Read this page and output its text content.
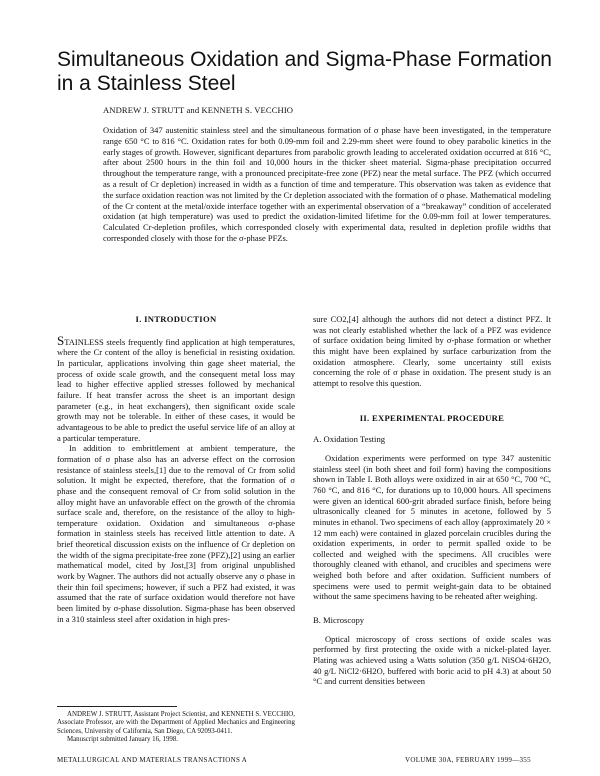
Simultaneous Oxidation and Sigma-Phase Formation in a Stainless Steel
ANDREW J. STRUTT and KENNETH S. VECCHIO

Oxidation of 347 austenitic stainless steel and the simultaneous formation of σ phase have been investigated, in the temperature range 650 °C to 816 °C. Oxidation rates for both 0.09-mm foil and 2.29-mm sheet were found to obey parabolic kinetics in the early stages of growth. However, significant departures from parabolic growth leading to accelerated oxidation occurred at 816 °C, after about 2500 hours in the thin foil and 10,000 hours in the thicker sheet material. Sigma-phase precipitation occurred throughout the temperature range, with a pronounced precipitate-free zone (PFZ) near the metal surface. The PFZ (which occurred as a result of Cr depletion) increased in width as a function of time and temperature. This observation was taken as evidence that the surface oxidation reaction was not limited by the Cr depletion associated with the formation of σ phase. Mathematical modeling of the Cr content at the metal/oxide interface together with an experimental observation of a “breakaway” condition of accelerated oxidation (at high temperature) was used to predict the oxidation-limited lifetime for the 0.09-mm foil at lower temperatures. Calculated Cr-depletion profiles, which corresponded closely with experimental data, resulted in depletion profile widths that corresponded closely with those for the σ-phase PFZs.

I. INTRODUCTION

STAINLESS steels frequently find application at high temperatures, where the Cr content of the alloy is beneficial in resisting oxidation. In particular, applications involving thin gage sheet material, the process of oxide scale growth, and the consequent metal loss may lead to higher effective applied stresses followed by mechanical failure. If heat transfer across the sheet is an important design parameter (e.g., in heat exchangers), then significant oxide scale growth may not be tolerable. In either of these cases, it would be advantageous to be able to predict the useful service life of an alloy at a particular temperature.

In addition to embrittlement at ambient temperature, the formation of σ phase also has an adverse effect on the corrosion resistance of stainless steels,[1] due to the removal of Cr from solid solution. It might be expected, therefore, that the formation of σ phase and the consequent removal of Cr from solid solution in the alloy might have an unfavorable effect on the growth of the chromia surface scale and, therefore, on the resistance of the alloy to high-temperature oxidation. Oxidation and simultaneous σ-phase formation in stainless steels has received little attention to date. A brief theoretical discussion exists on the influence of Cr depletion on the width of the sigma precipitate-free zone (PFZ),[2] using an earlier mathematical model, cited by Jost,[3] from original unpublished work by Wagner. The authors did not actually observe any σ phase in their thin foil specimens; however, if such a PFZ had existed, it was assumed that the rate of surface oxidation would therefore not have been limited by σ-phase dissolution. Sigma-phase has been observed in a 310 stainless steel after oxidation in high pres-

sure CO2,[4] although the authors did not detect a distinct PFZ. It was not clearly established whether the lack of a PFZ was evidence of surface oxidation being limited by σ-phase formation or whether this might have been explained by surface carburization from the oxidation atmosphere. Clearly, some uncertainty still exists concerning the role of σ phase in oxidation. The present study is an attempt to resolve this question.

II. EXPERIMENTAL PROCEDURE
A. Oxidation Testing

Oxidation experiments were performed on type 347 austenitic stainless steel (in both sheet and foil form) having the compositions shown in Table I. Both alloys were oxidized in air at 650 °C, 700 °C, 760 °C, and 816 °C, for durations up to 10,000 hours. All specimens were given an identical 600-grit abraded surface finish, before being ultrasonically cleaned for 5 minutes in acetone, followed by 5 minutes in ethanol. Two specimens of each alloy (approximately 20 × 12 mm each) were contained in glazed porcelain crucibles during the oxidation experiments, in order to permit spalled oxide to be collected and weighed with the specimens. All crucibles were thoroughly cleaned with ethanol, and crucibles and specimens were weighed both before and after oxidation. Sufficient numbers of specimens were used to permit weight-gain data to be obtained without the same specimens having to be reheated after weighing.

B. Microscopy

Optical microscopy of cross sections of oxide scales was performed by first protecting the oxide with a nickel-plated layer. Plating was achieved using a Watts solution (350 g/L NiSO4·6H2O, 40 g/L NiCl2·6H2O, buffered with boric acid to pH 4.3) at about 50 °C and current densities between

ANDREW J. STRUTT, Assistant Project Scientist, and KENNETH S. VECCHIO, Associate Professor, are with the Department of Applied Mechanics and Engineering Sciences, University of California, San Diego, CA 92093-0411.

Manuscript submitted January 16, 1998.

METALLURGICAL AND MATERIALS TRANSACTIONS A	VOLUME 30A, FEBRUARY 1999—355
